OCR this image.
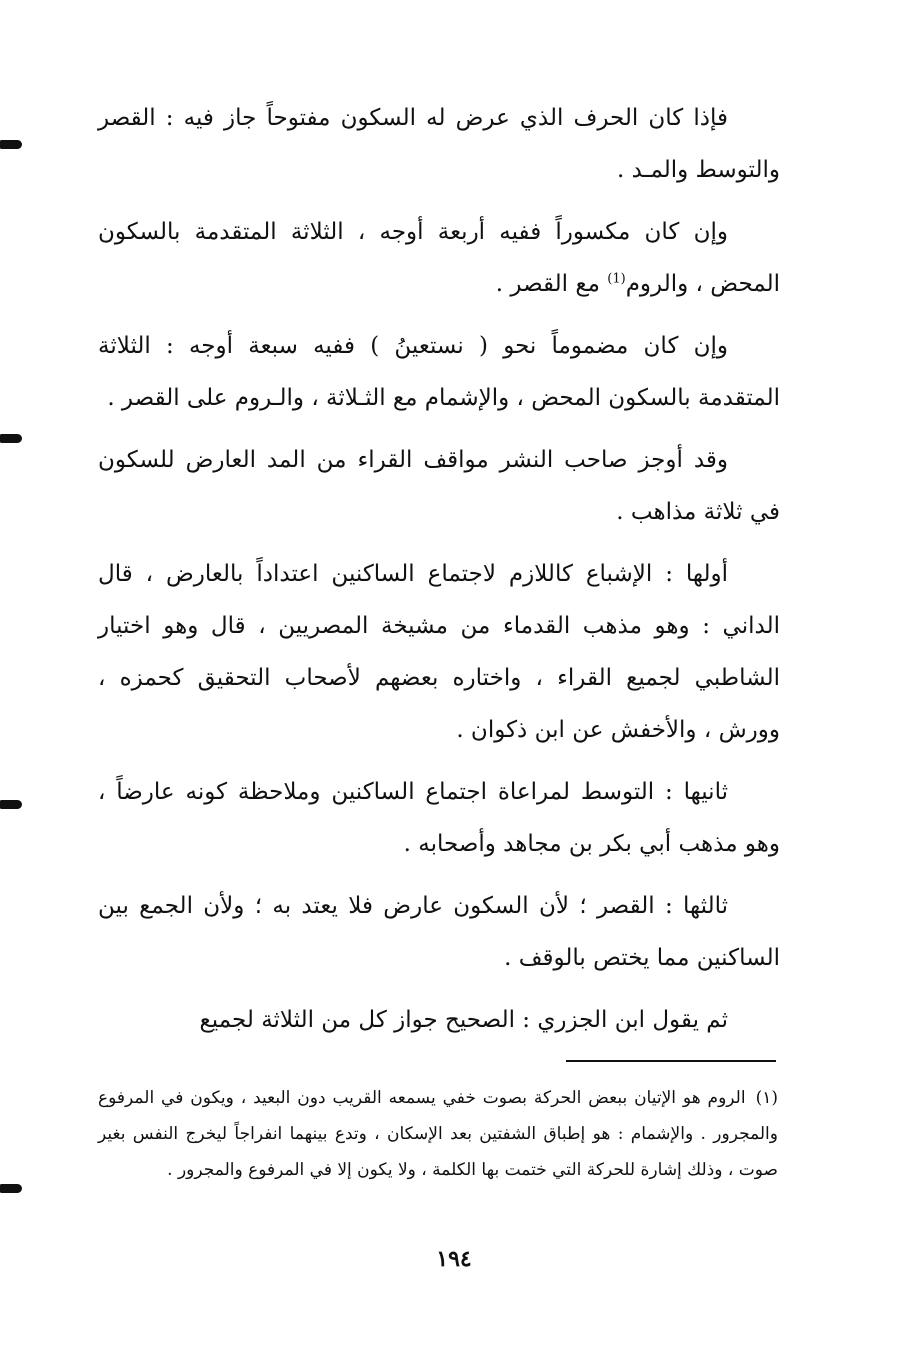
فإذا كان الحرف الذي عرض له السكون مفتوحاً جاز فيه : القصر والتوسط والمـد .

وإن كان مكسوراً ففيه أربعة أوجه ، الثلاثة المتقدمة بالسكون المحض ، والروم$^{(1)}$ مع القصر .

وإن كان مضموماً نحو ( نستعينُ ) ففيه سبعة أوجه : الثلاثة المتقدمة بالسكون المحض ، والإشمام مع الثـلاثة ، والـروم على القصر .

وقد أوجز صاحب النشر مواقف القراء من المد العارض للسكون في ثلاثة مذاهب .

أولها : الإشباع كاللازم لاجتماع الساكنين اعتداداً بالعارض ، قال الداني : وهو مذهب القدماء من مشيخة المصريين ، قال وهو اختيار الشاطبي لجميع القراء ، واختاره بعضهم لأصحاب التحقيق كحمزه ، وورش ، والأخفش عن ابن ذكوان .

ثانيها : التوسط لمراعاة اجتماع الساكنين وملاحظة كونه عارضاً ، وهو مذهب أبي بكر بن مجاهد وأصحابه .

ثالثها : القصر ؛ لأن السكون عارض فلا يعتد به ؛ ولأن الجمع بين الساكنين مما يختص بالوقف .

ثم يقول ابن الجزري : الصحيح جواز كل من الثلاثة لجميع

(١)الروم هو الإتيان ببعض الحركة بصوت خفي يسمعه القريب دون البعيد ، ويكون في المرفوع والمجرور . والإشمام : هو إطباق الشفتين بعد الإسكان ، وتدع بينهما انفراجاً ليخرج النفس بغير صوت ، وذلك إشارة للحركة التي ختمت بها الكلمة ، ولا يكون إلا في المرفوع والمجرور .

١٩٤
